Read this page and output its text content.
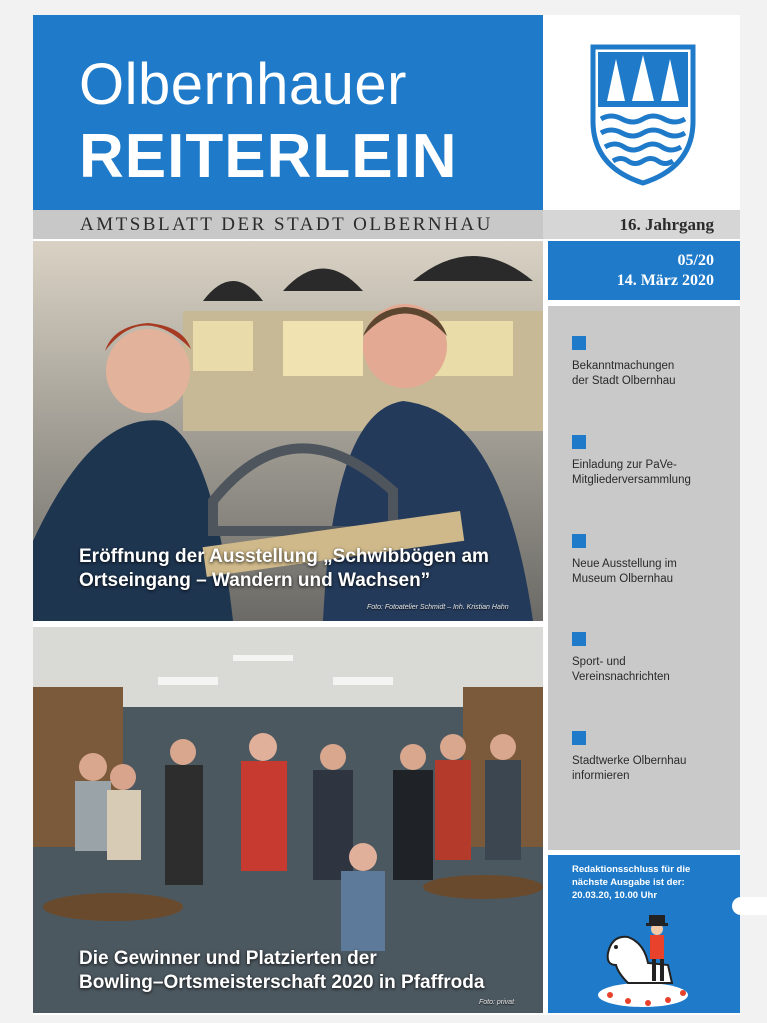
Olbernhauer
REITERLEIN
AMTSBLATT DER STADT OLBERNHAU	16. Jahrgang
05/20
14. März 2020
Eröffnung der Ausstellung „Schwibbögen am
Ortseingang – Wandern und Wachsen”
Foto: Fotoatelier Schmidt – Inh. Kristian Hahn
Die Gewinner und Platzierten der
Bowling–Ortsmeisterschaft 2020 in Pfaffroda
Foto: privat
Bekanntmachungen
der Stadt Olbernhau
Einladung zur PaVe-
Mitgliederversammlung
Neue Ausstellung im
Museum Olbernhau
Sport- und
Vereinsnachrichten
Stadtwerke Olbernhau
informieren
Redaktionsschluss für die
nächste Ausgabe ist der:
20.03.20, 10.00 Uhr
